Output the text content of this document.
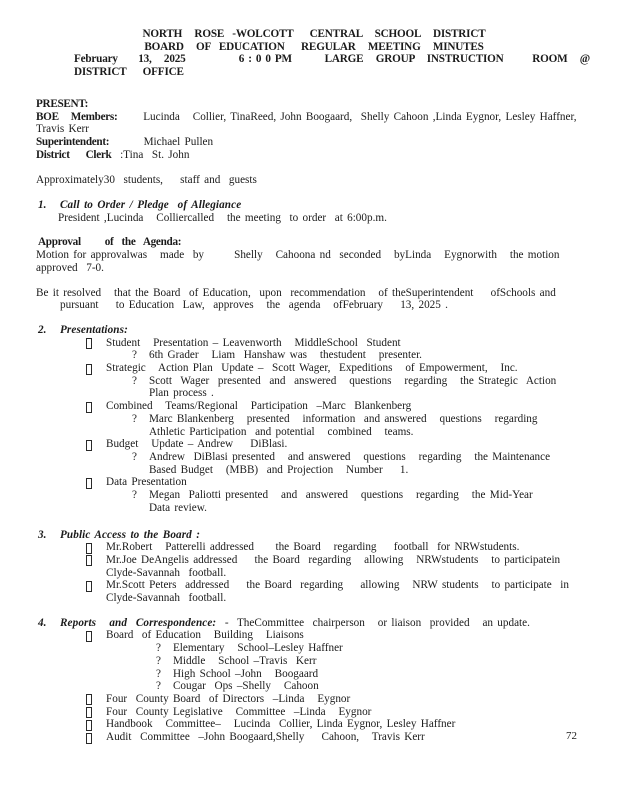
NORTH   ROSE  -WOLCOTT    CENTRAL   SCHOOL   DISTRICT
BOARD   OF  EDUCATION    REGULAR   MEETING   MINUTES
February     13,   2025             6 : 0 0 PM        LARGE   GROUP   INSTRUCTION       ROOM   @ DISTRICT    OFFICE
PRESENT:
BOE   Members:      Lucinda   Collier, TinaReed, John Boogaard,  Shelly Cahoon ,Linda Eygnor, Lesley Haffner, Travis Kerr
Superintendent:        Michael Pullen
District    Clerk  :Tina  St. John
Approximately30  students,    staff and  guests
1.	Call to Order / Pledge  of Allegiance
President ,Lucinda   Colliercalled   the meeting  to order  at 6:00p.m.
Approval      of  the  Agenda:
Motion for approvalwas   made  by       Shelly   Cahoona nd  seconded   byLinda   Eygnorwith   the motion approved  7-0.
Be it resolved   that the Board  of Education,  upon  recommendation   of theSuperintendent    ofSchools and
pursuant    to Education  Law,  approves   the  agenda   ofFebruary    13, 2025 .
2.	Presentations:
Student   Presentation – Leavenworth   MiddleSchool  Student
? 6th Grader   Liam  Hanshaw was   thestudent   presenter.
Strategic   Action Plan  Update –  Scott Wager,  Expeditions   of Empowerment,   Inc.
? Scott  Wager  presented  and  answered   questions   regarding   the Strategic  Action Plan process .
Combined   Teams/Regional   Participation  –Marc  Blankenberg
? Marc Blankenberg   presented   information  and answered   questions   regarding   Athletic Participation  and potential   combined   teams.
Budget   Update – Andrew    DiBlasi.
? Andrew  DiBlasi presented   and answered   questions   regarding   the Maintenance   Based Budget   (MBB)  and Projection   Number    1.
Data Presentation
? Megan  Paliotti presented   and  answered   questions   regarding   the Mid-Year  Data review.
3.	Public Access to the Board :
Mr.Robert   Patterelli addressed     the Board   regarding    football  for NRWstudents.
Mr.Joe DeAngelis addressed    the Board  regarding   allowing   NRWstudents   to participatein  Clyde-Savannah  football.
Mr.Scott Peters  addressed    the Board  regarding    allowing   NRW students   to participate  in Clyde-Savannah  football.
4.	Reports   and  Correspondence:  -  TheCommittee  chairperson   or liaison  provided   an update.
Board  of Education   Building   Liaisons
? Elementary   School–Lesley Haffner
? Middle   School –Travis  Kerr
? High School –John   Boogaard
? Cougar  Ops –Shelly   Cahoon
Four  County Board  of Directors  –Linda   Eygnor
Four  County Legislative   Committee  –Linda   Eygnor
Handbook   Committee–   Lucinda  Collier, Linda Eygnor, Lesley Haffner
Audit  Committee  –John Boogaard,Shelly    Cahoon,   Travis Kerr	72
